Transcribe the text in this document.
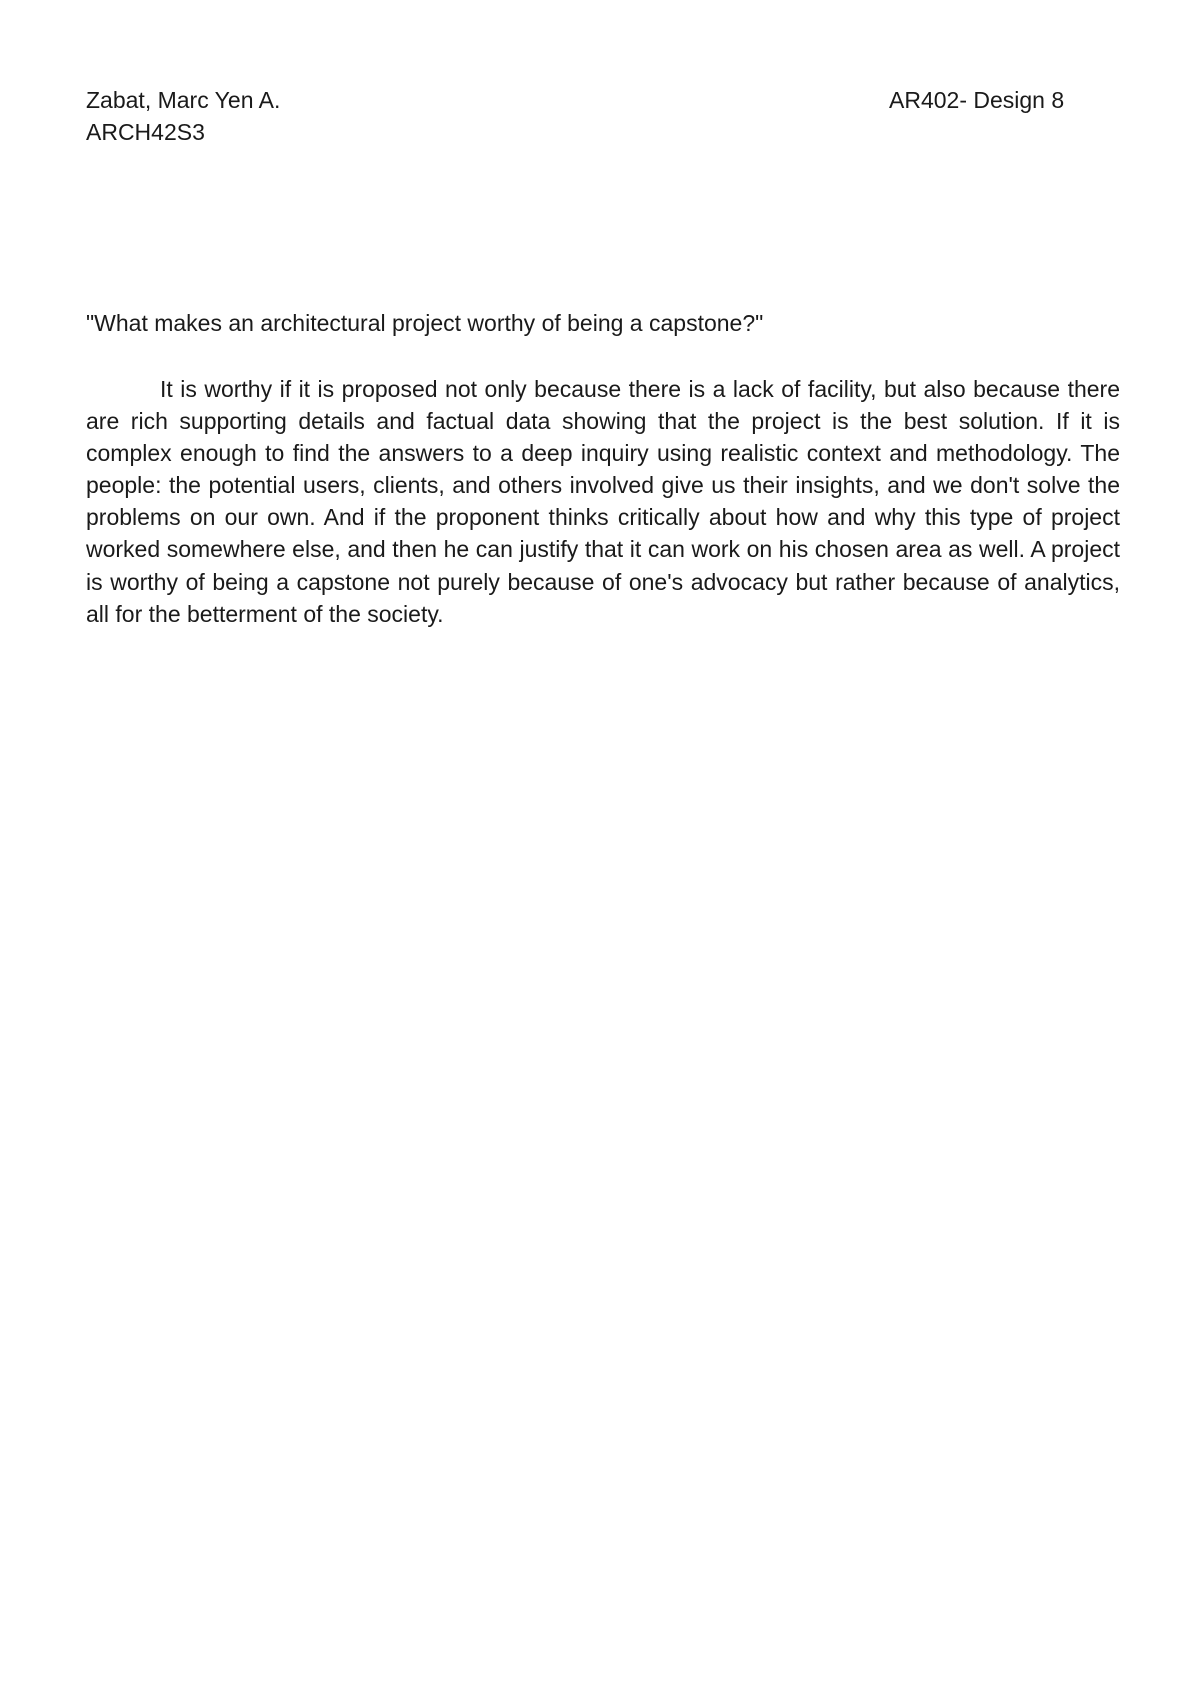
Zabat, Marc Yen A.
ARCH42S3
AR402- Design 8
"What makes an architectural project worthy of being a capstone?"

It is worthy if it is proposed not only because there is a lack of facility, but also because there are rich supporting details and factual data showing that the project is the best solution. If it is complex enough to find the answers to a deep inquiry using realistic context and methodology. The people: the potential users, clients, and others involved give us their insights, and we don't solve the problems on our own. And if the proponent thinks critically about how and why this type of project worked somewhere else, and then he can justify that it can work on his chosen area as well. A project is worthy of being a capstone not purely because of one's advocacy but rather because of analytics, all for the betterment of the society.
